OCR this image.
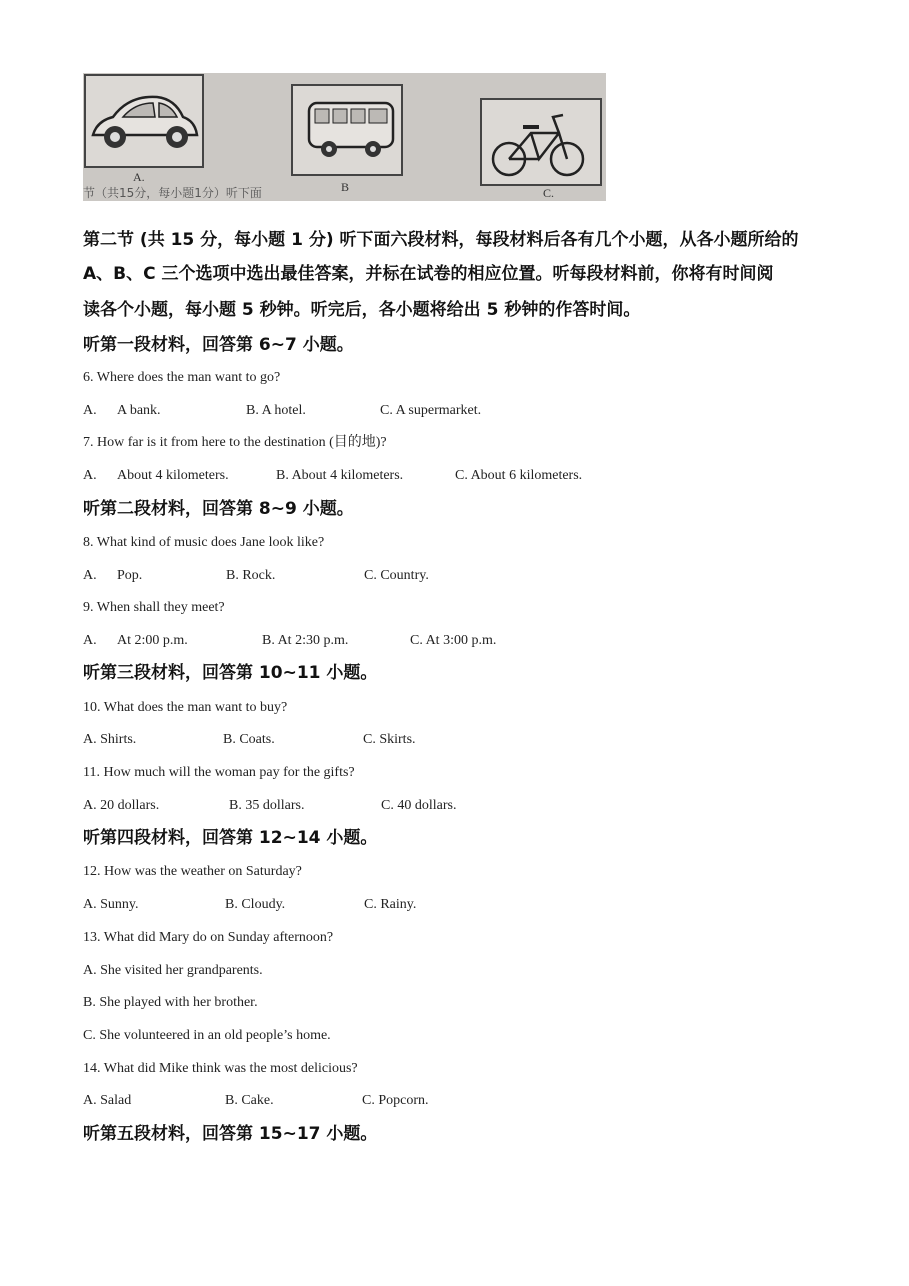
A.
B	C.
节（共15分，每小题1分）听下面
第二节 (共 15 分，每小题 1 分) 听下面六段材料，每段材料后各有几个小题，从各小题所给的
A、B、C 三个选项中选出最佳答案，并标在试卷的相应位置。听每段材料前，你将有时间阅
读各个小题，每小题 5 秒钟。听完后，各小题将给出 5 秒钟的作答时间。
听第一段材料，回答第 6~7 小题。
6. Where does the man want to go?
A. A bank.	B. A hotel.	C. A supermarket.
7. How far is it from here to the destination (目的地)?
A. About 4 kilometers.	B. About 4 kilometers.	C. About 6 kilometers.
听第二段材料，回答第 8~9 小题。
8. What kind of music does Jane look like?
A. Pop.	B. Rock.	C. Country.
9. When shall they meet?
A. At 2:00 p.m.	B. At 2:30 p.m.	C. At 3:00 p.m.
听第三段材料，回答第 10~11 小题。
10. What does the man want to buy?
A. Shirts.	B. Coats.	C. Skirts.
11. How much will the woman pay for the gifts?
A. 20 dollars.	B. 35 dollars.	C. 40 dollars.
听第四段材料，回答第 12~14 小题。
12. How was the weather on Saturday?
A. Sunny.	B. Cloudy.	C. Rainy.
13. What did Mary do on Sunday afternoon?
A. She visited her grandparents.
B. She played with her brother.
C. She volunteered in an old people’s home.
14. What did Mike think was the most delicious?
A. Salad	B. Cake.	C. Popcorn.
听第五段材料，回答第 15~17 小题。
